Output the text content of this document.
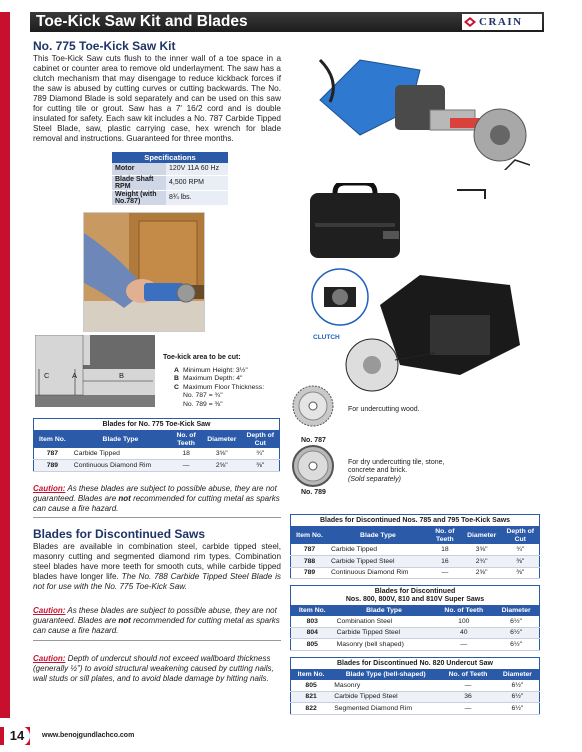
Toe-Kick Saw Kit and Blades	CRAIN
No. 775 Toe-Kick Saw Kit
This Toe-Kick Saw cuts flush to the inner wall of a toe space in a cabinet or counter area to remove old underlayment. The saw has a clutch mechanism that may disengage to reduce kickback forces if the saw is abused by cutting curves or cutting backwards. The No. 789 Diamond Blade is sold separately and can be used on this saw for cutting tile or grout. Saw has a 7' 16/2 cord and is double insulated for safety. Each saw kit includes a No. 787 Carbide Tipped Steel Blade, saw, plastic carrying case, hex wrench for blade removal and instructions. Guaranteed for three months.
Specifications	
Motor	120V 11A 60 Hz
Blade Shaft RPM	4,500 RPM
Weight (with No.787)	8¾ lbs.
CLUTCH
C	A	B
Toe-kick area to be cut:
A Minimum Height: 3½"
B Maximum Depth: 4"
C Maximum Floor Thickness:
No. 787 = ¾"
No. 789 = ⅜"
Blades for No. 775 Toe-Kick Saw				
Item No.	Blade Type	No. of Teeth	Diameter	Depth of Cut
787	Carbide Tipped	18	3⅝"	¾"
789	Continuous Diamond Rim	—	2⅝"	⅜"
Caution: As these blades are subject to possible abuse, they are not guaranteed. Blades are not recommended for cutting metal as sparks can cause a fire hazard.
No. 787
For undercutting wood.
No. 789
For dry undercutting tile, stone,
concrete and brick.
(Sold separately)
Blades for Discontinued Saws
Blades are available in combination steel, carbide tipped steel, masonry cutting and segmented diamond rim types. Combination steel blades have more teeth for smooth cuts, while carbide tipped blades have longer life. The No. 788 Carbide Tipped Steel Blade is not for use with the No. 775 Toe-Kick Saw.
Caution: As these blades are subject to possible abuse, they are not guaranteed. Blades are not recommended for cutting metal as sparks can cause a fire hazard.
Caution: Depth of undercut should not exceed wallboard thickness (generally ½") to avoid structural weakening caused by cutting nails, wall studs or sill plates, and to avoid blade damage by hitting nails.
Blades for Discontinued Nos. 785 and 795 Toe-Kick Saws				
Item No.	Blade Type	No. of Teeth	Diameter	Depth of Cut
787	Carbide Tipped	18	3⅝"	¾"
788	Carbide Tipped Steel	16	2¾"	⅜"
789	Continuous Diamond Rim	—	2⅝"	⅜"
Blades for Discontinued
Nos. 800, 800V, 810 and 810V Super Saws			

Item No.	Blade Type	No. of Teeth	Diameter
803	Combination Steel	100	6½"
804	Carbide Tipped Steel	40	6½"
805	Masonry (bell shaped)	—	6½"
Blades for Discontinued No. 820 Undercut Saw			
Item No.	Blade Type (bell-shaped)	No. of Teeth	Diameter
805	Masonry	—	6½"
821	Carbide Tipped Steel	36	6½"
822	Segmented Diamond Rim	—	6½"
14	www.benojgundlachco.com
